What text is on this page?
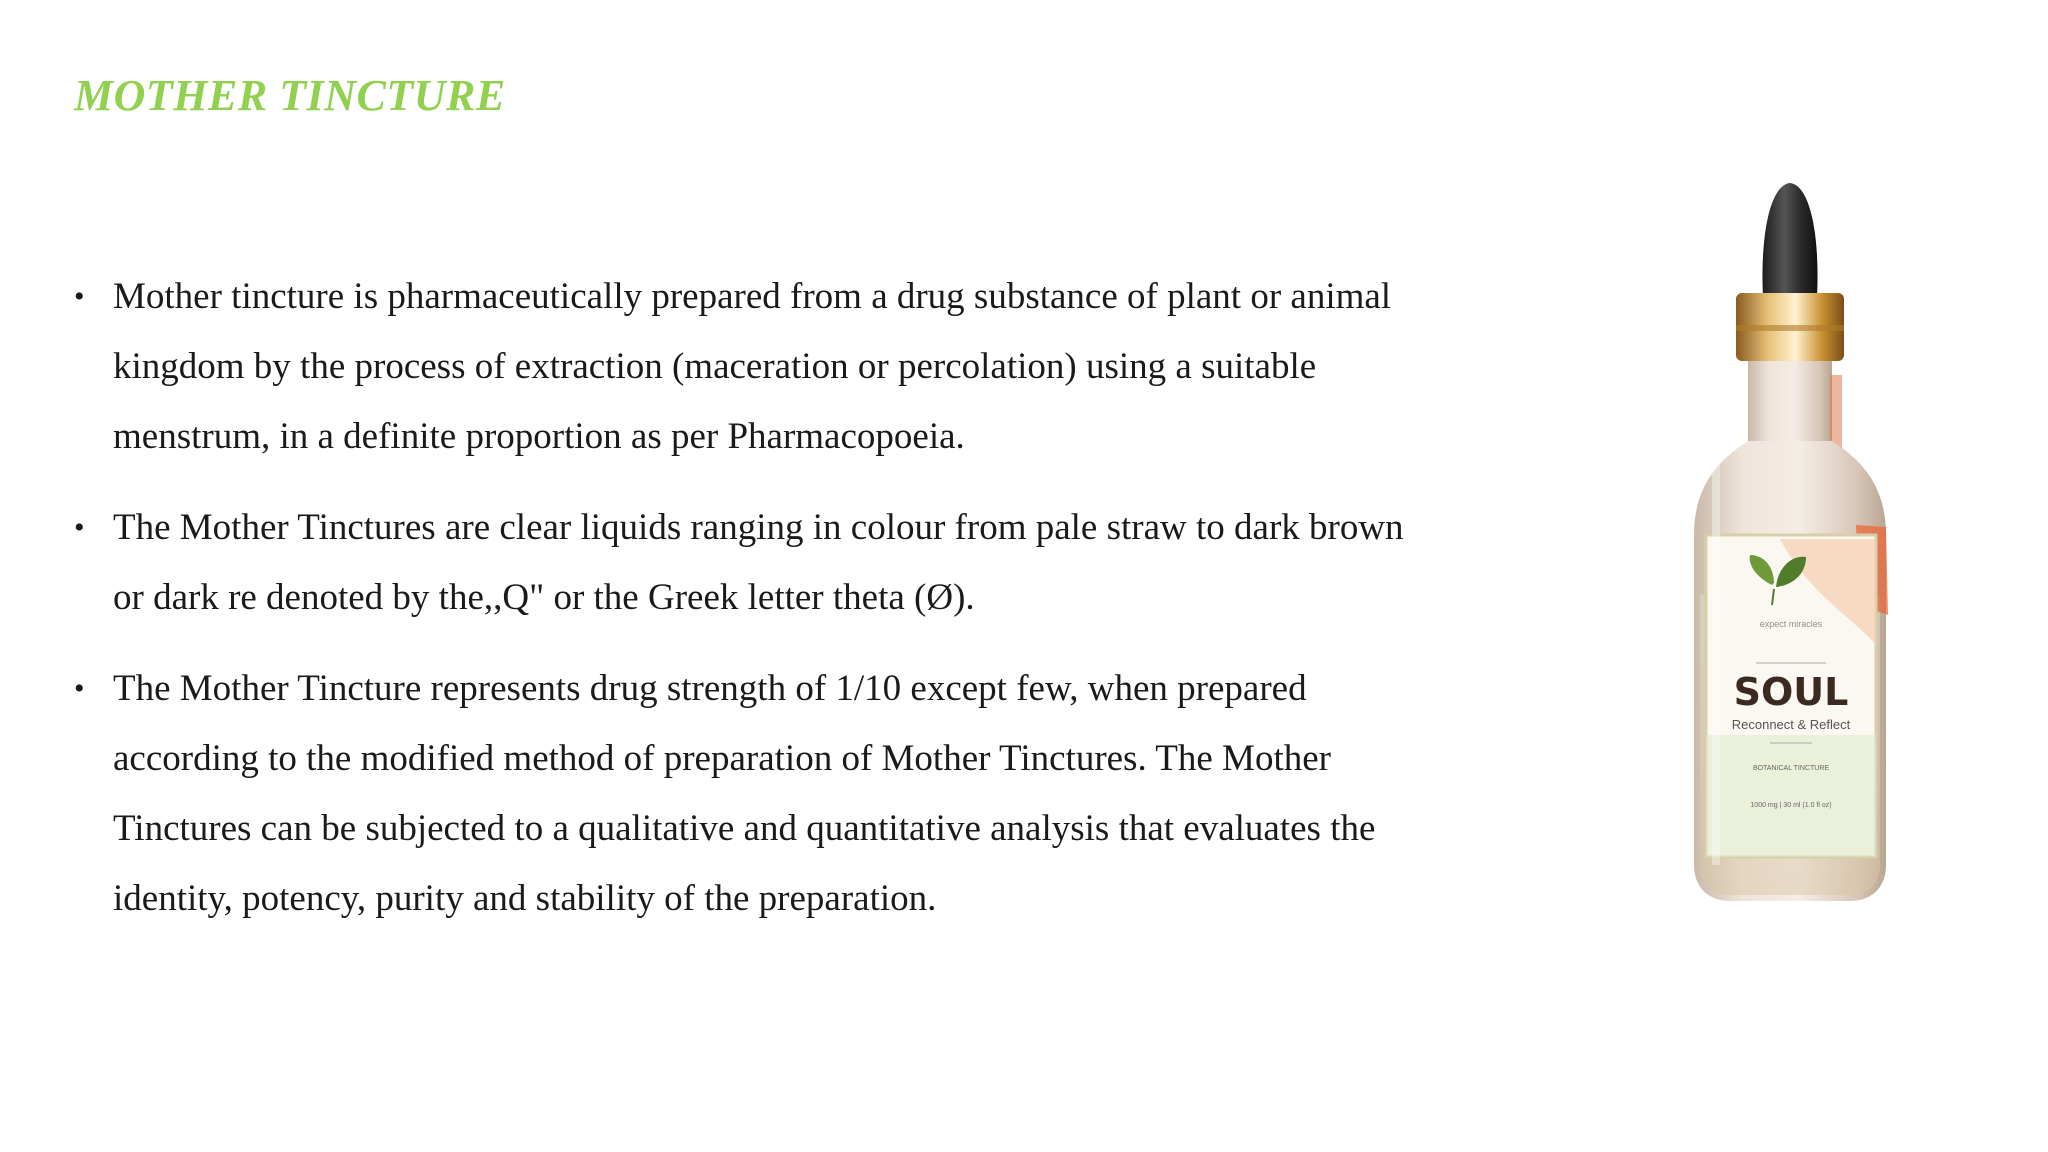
MOTHER TINCTURE
• Mother tincture is pharmaceutically prepared from a drug substance of plant or animal kingdom by the process of extraction (maceration or percolation) using a suitable menstrum, in a definite proportion as per Pharmacopoeia.
• The Mother Tinctures are clear liquids ranging in colour from pale straw to dark brown or dark re denoted by the,,Q" or the Greek letter theta (Ø).
• The Mother Tincture represents drug strength of 1/10 except few, when prepared according to the modified method of preparation of Mother Tinctures. The Mother Tinctures can be subjected to a qualitative and quantitative analysis that evaluates the identity, potency, purity and stability of the preparation.
expect miracles
SOUL
Reconnect & Reflect
BOTANICAL TINCTURE
1000 mg | 30 ml (1.0 fl oz)
